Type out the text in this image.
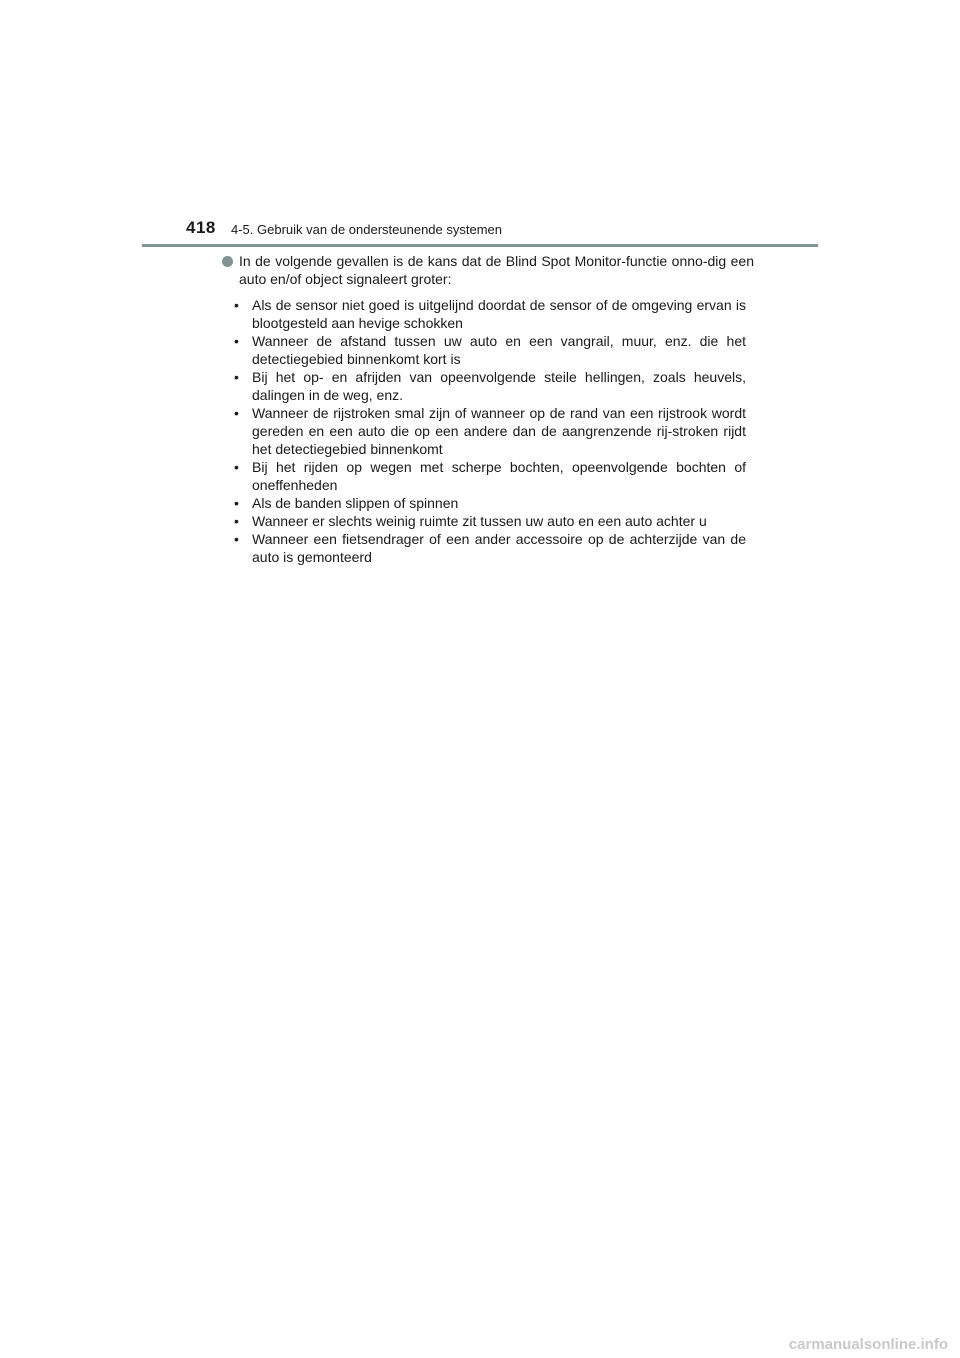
418 4-5. Gebruik van de ondersteunende systemen
In de volgende gevallen is de kans dat de Blind Spot Monitor-functie onno-dig een auto en/of object signaleert groter:
• Als de sensor niet goed is uitgelijnd doordat de sensor of de omgeving ervan is blootgesteld aan hevige schokken
• Wanneer de afstand tussen uw auto en een vangrail, muur, enz. die het detectiegebied binnenkomt kort is
• Bij het op- en afrijden van opeenvolgende steile hellingen, zoals heuvels, dalingen in de weg, enz.
• Wanneer de rijstroken smal zijn of wanneer op de rand van een rijstrook wordt gereden en een auto die op een andere dan de aangrenzende rij-stroken rijdt het detectiegebied binnenkomt
• Bij het rijden op wegen met scherpe bochten, opeenvolgende bochten of oneffenheden
• Als de banden slippen of spinnen
• Wanneer er slechts weinig ruimte zit tussen uw auto en een auto achter u
• Wanneer een fietsendrager of een ander accessoire op de achterzijde van de auto is gemonteerd
carmanualsonline.info
